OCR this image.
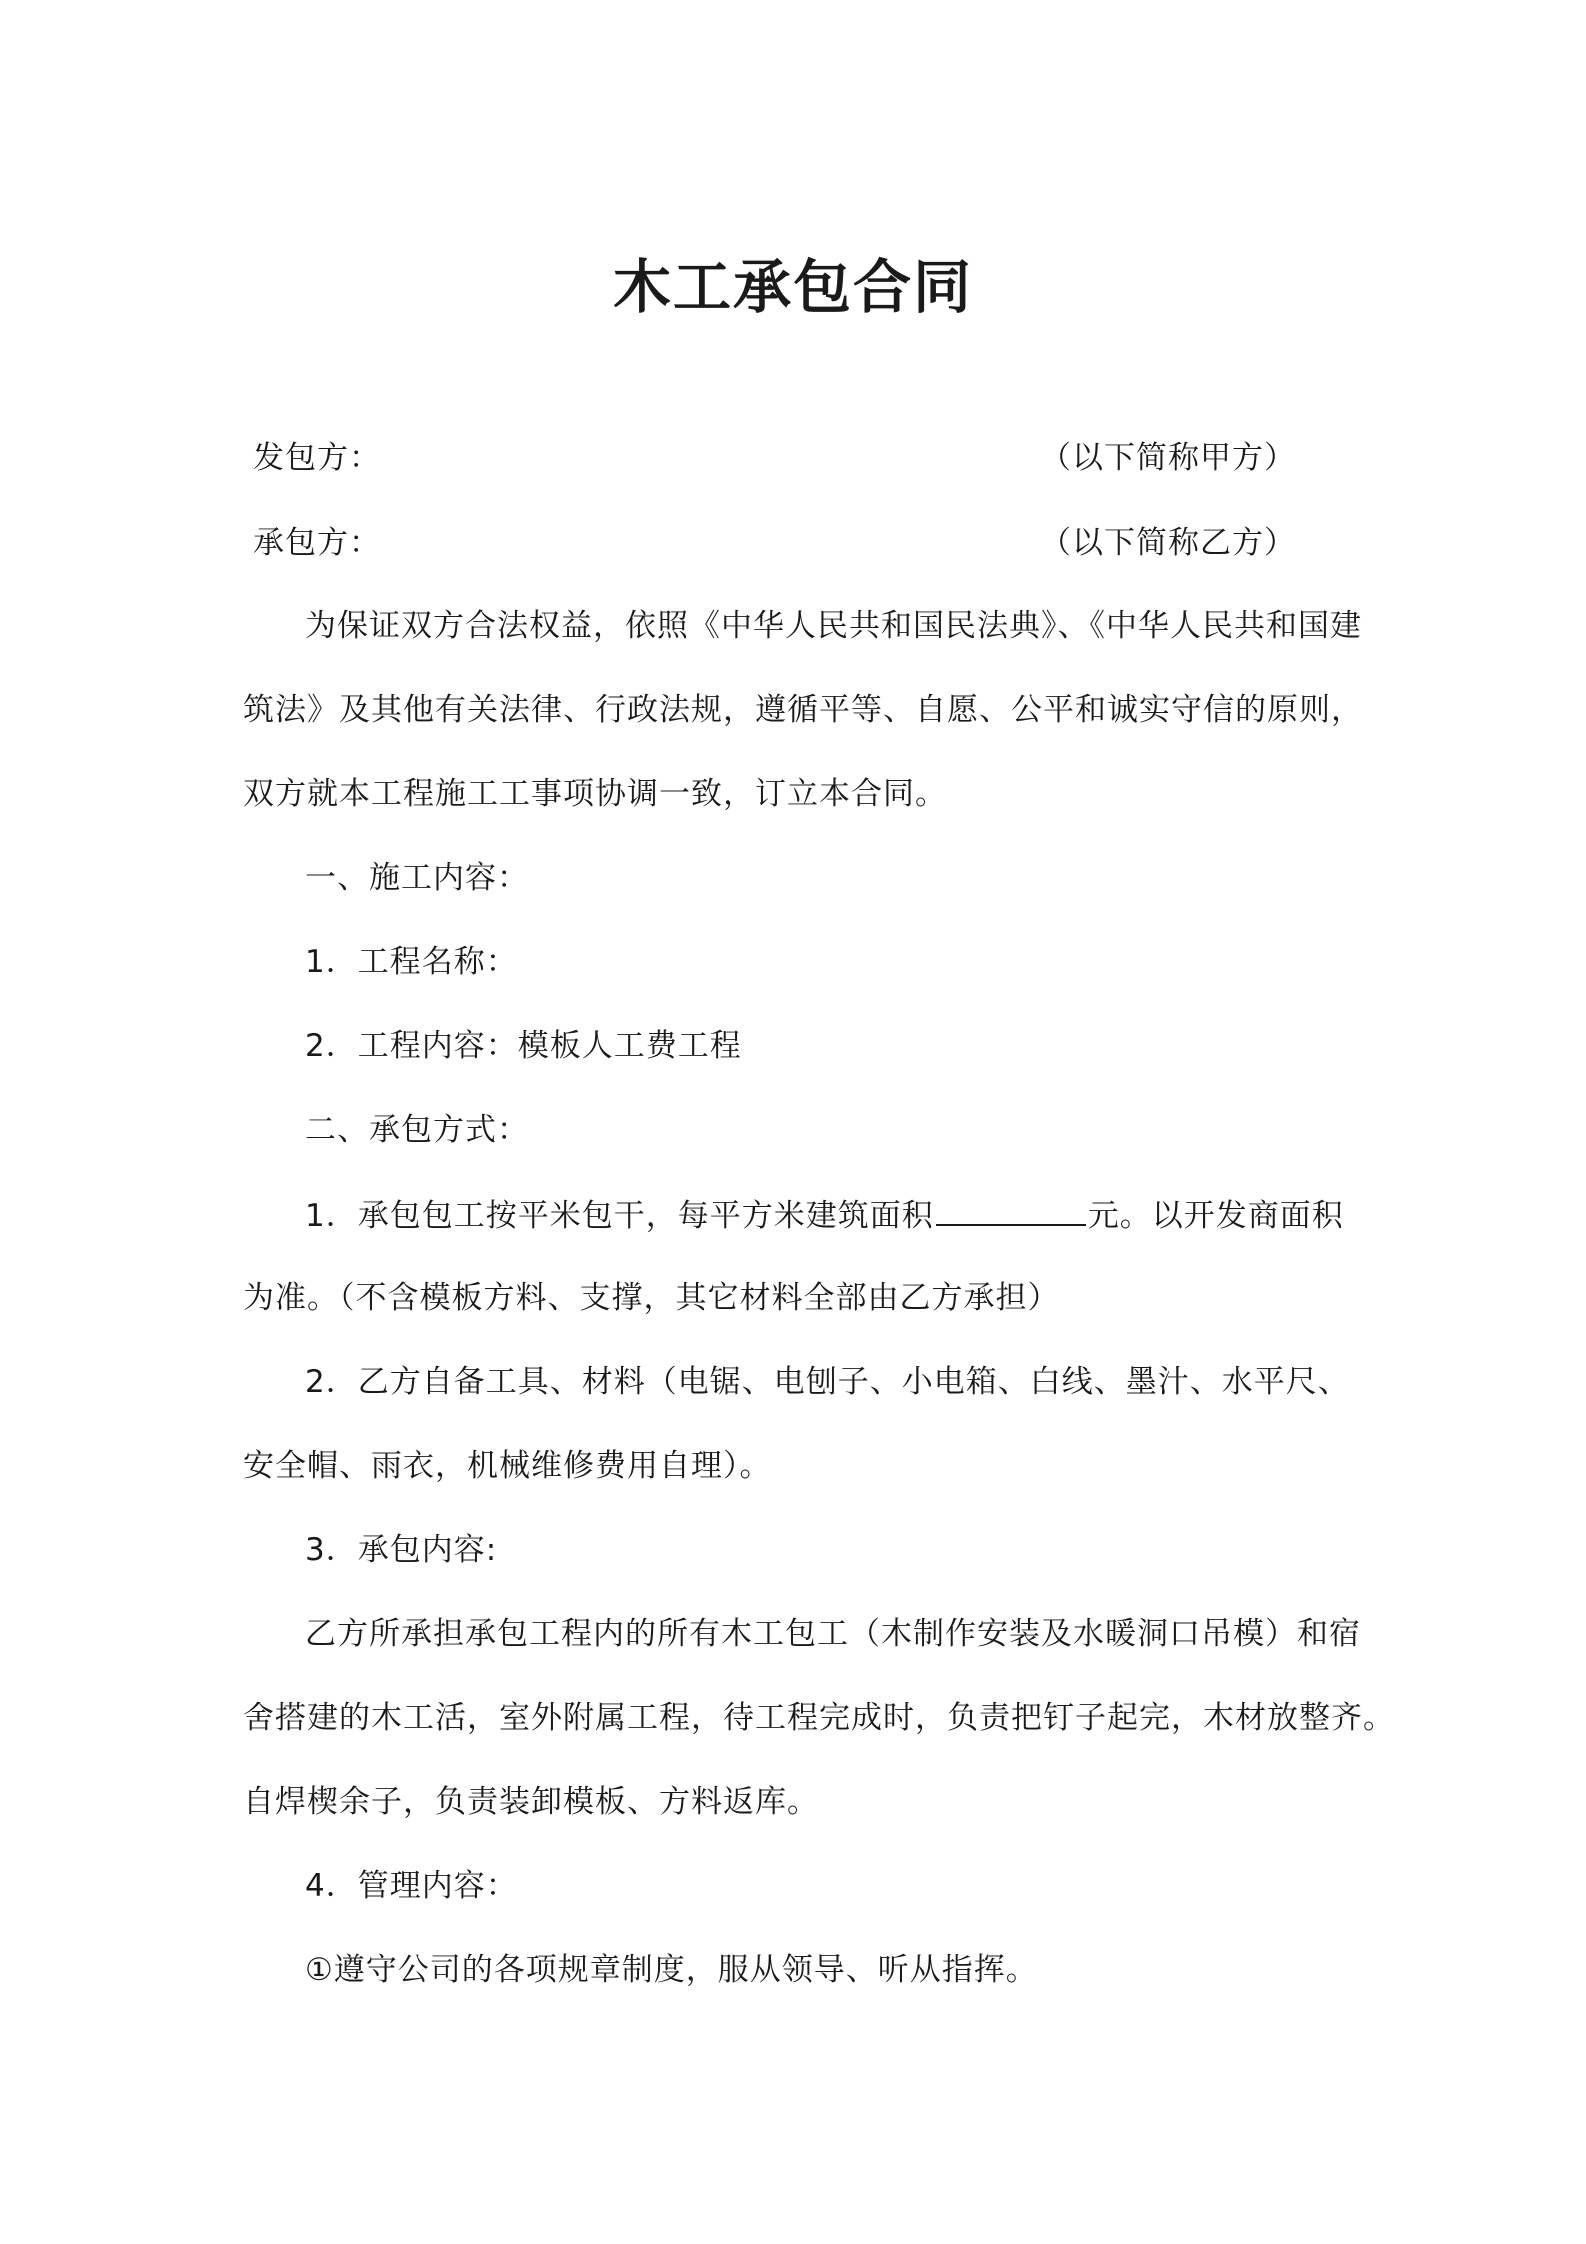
木工承包合同
发包方：	（以下简称甲方）
承包方：	（以下简称乙方）
为保证双方合法权益，依照《中华人民共和国民法典》、《中华人民共和国建
筑法》及其他有关法律、行政法规，遵循平等、自愿、公平和诚实守信的原则，
双方就本工程施工工事项协调一致，订立本合同。
一、施工内容：
1．工程名称：
2．工程内容：模板人工费工程
二、承包方式：
1．承包包工按平米包干，每平方米建筑面积	元。以开发商面积
为准。（不含模板方料、支撑，其它材料全部由乙方承担）
2．乙方自备工具、材料（电锯、电刨子、小电箱、白线、墨汁、水平尺、
安全帽、雨衣，机械维修费用自理）。
3．承包内容:
乙方所承担承包工程内的所有木工包工（木制作安装及水暖洞口吊模）和宿
舍搭建的木工活，室外附属工程，待工程完成时，负责把钉子起完，木材放整齐。
自焊楔余子，负责装卸模板、方料返库。
4．管理内容：
①遵守公司的各项规章制度，服从领导、听从指挥。
